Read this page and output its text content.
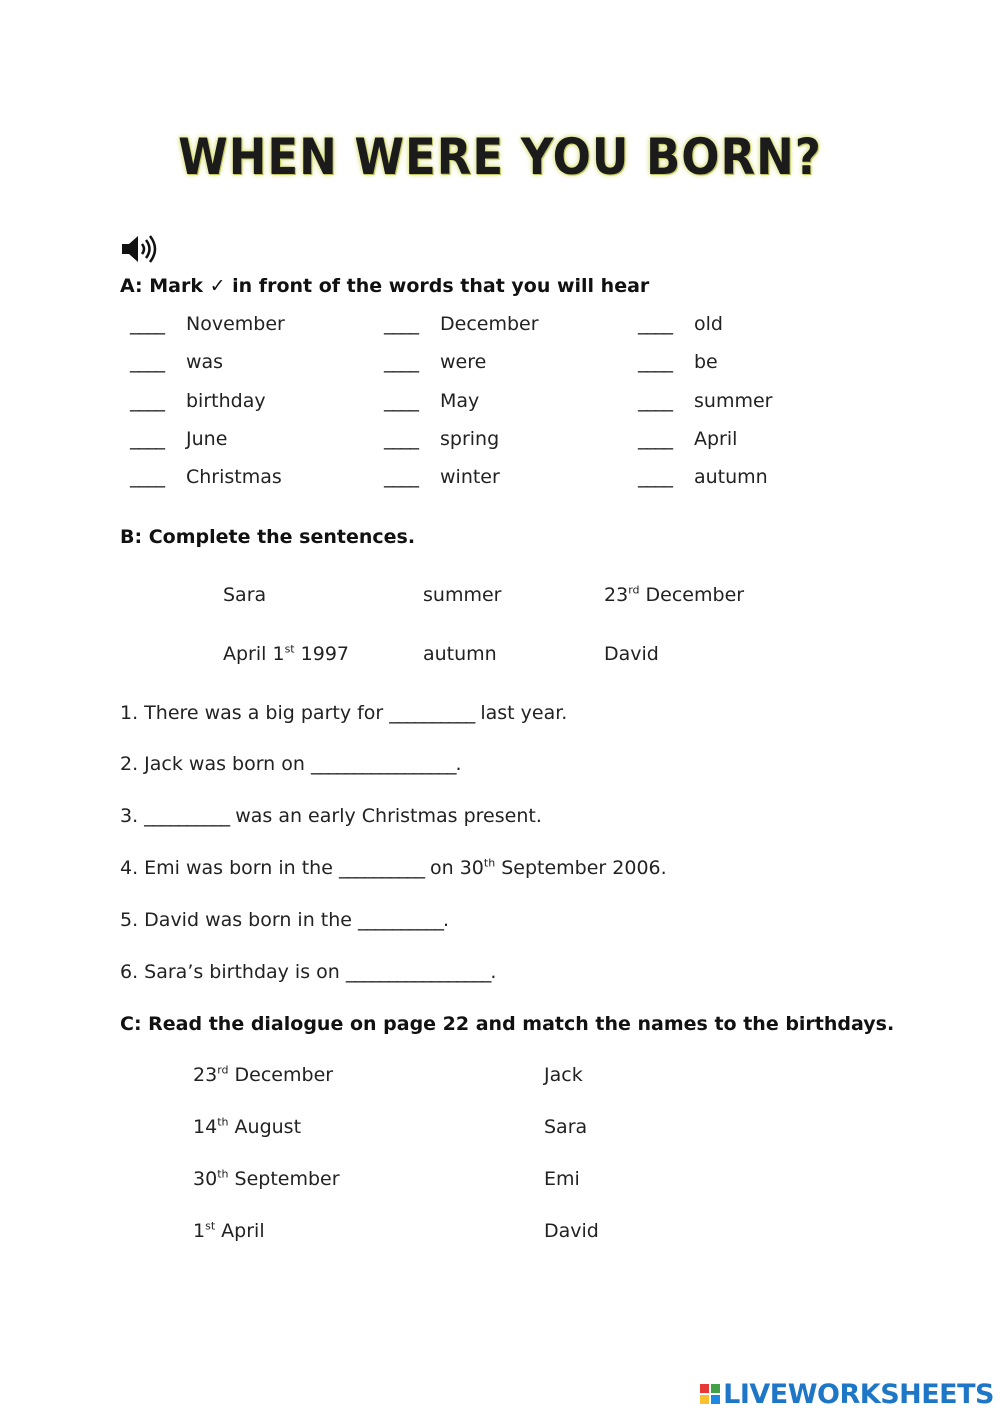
WHEN WERE YOU BORN?
A: Mark ✓ in front of the words that you will hear
____ November
____ was
____ birthday
____ June
____ Christmas
____ December
____ were
____ May
____ spring
____ winter
____ old
____ be
____ summer
____ April
____ autumn
B: Complete the sentences.
Sara	summer	23rd December
April 1st 1997	autumn	David
1. There was a big party for __________ last year.
2. Jack was born on _________________.
3. __________ was an early Christmas present.
4. Emi was born in the __________ on 30th September 2006.
5. David was born in the __________.
6. Sara’s birthday is on _________________.
C: Read the dialogue on page 22 and match the names to the birthdays.
23rd December	Jack
14th August	Sara
30th September	Emi
1st April	David
LIVEWORKSHEETS
